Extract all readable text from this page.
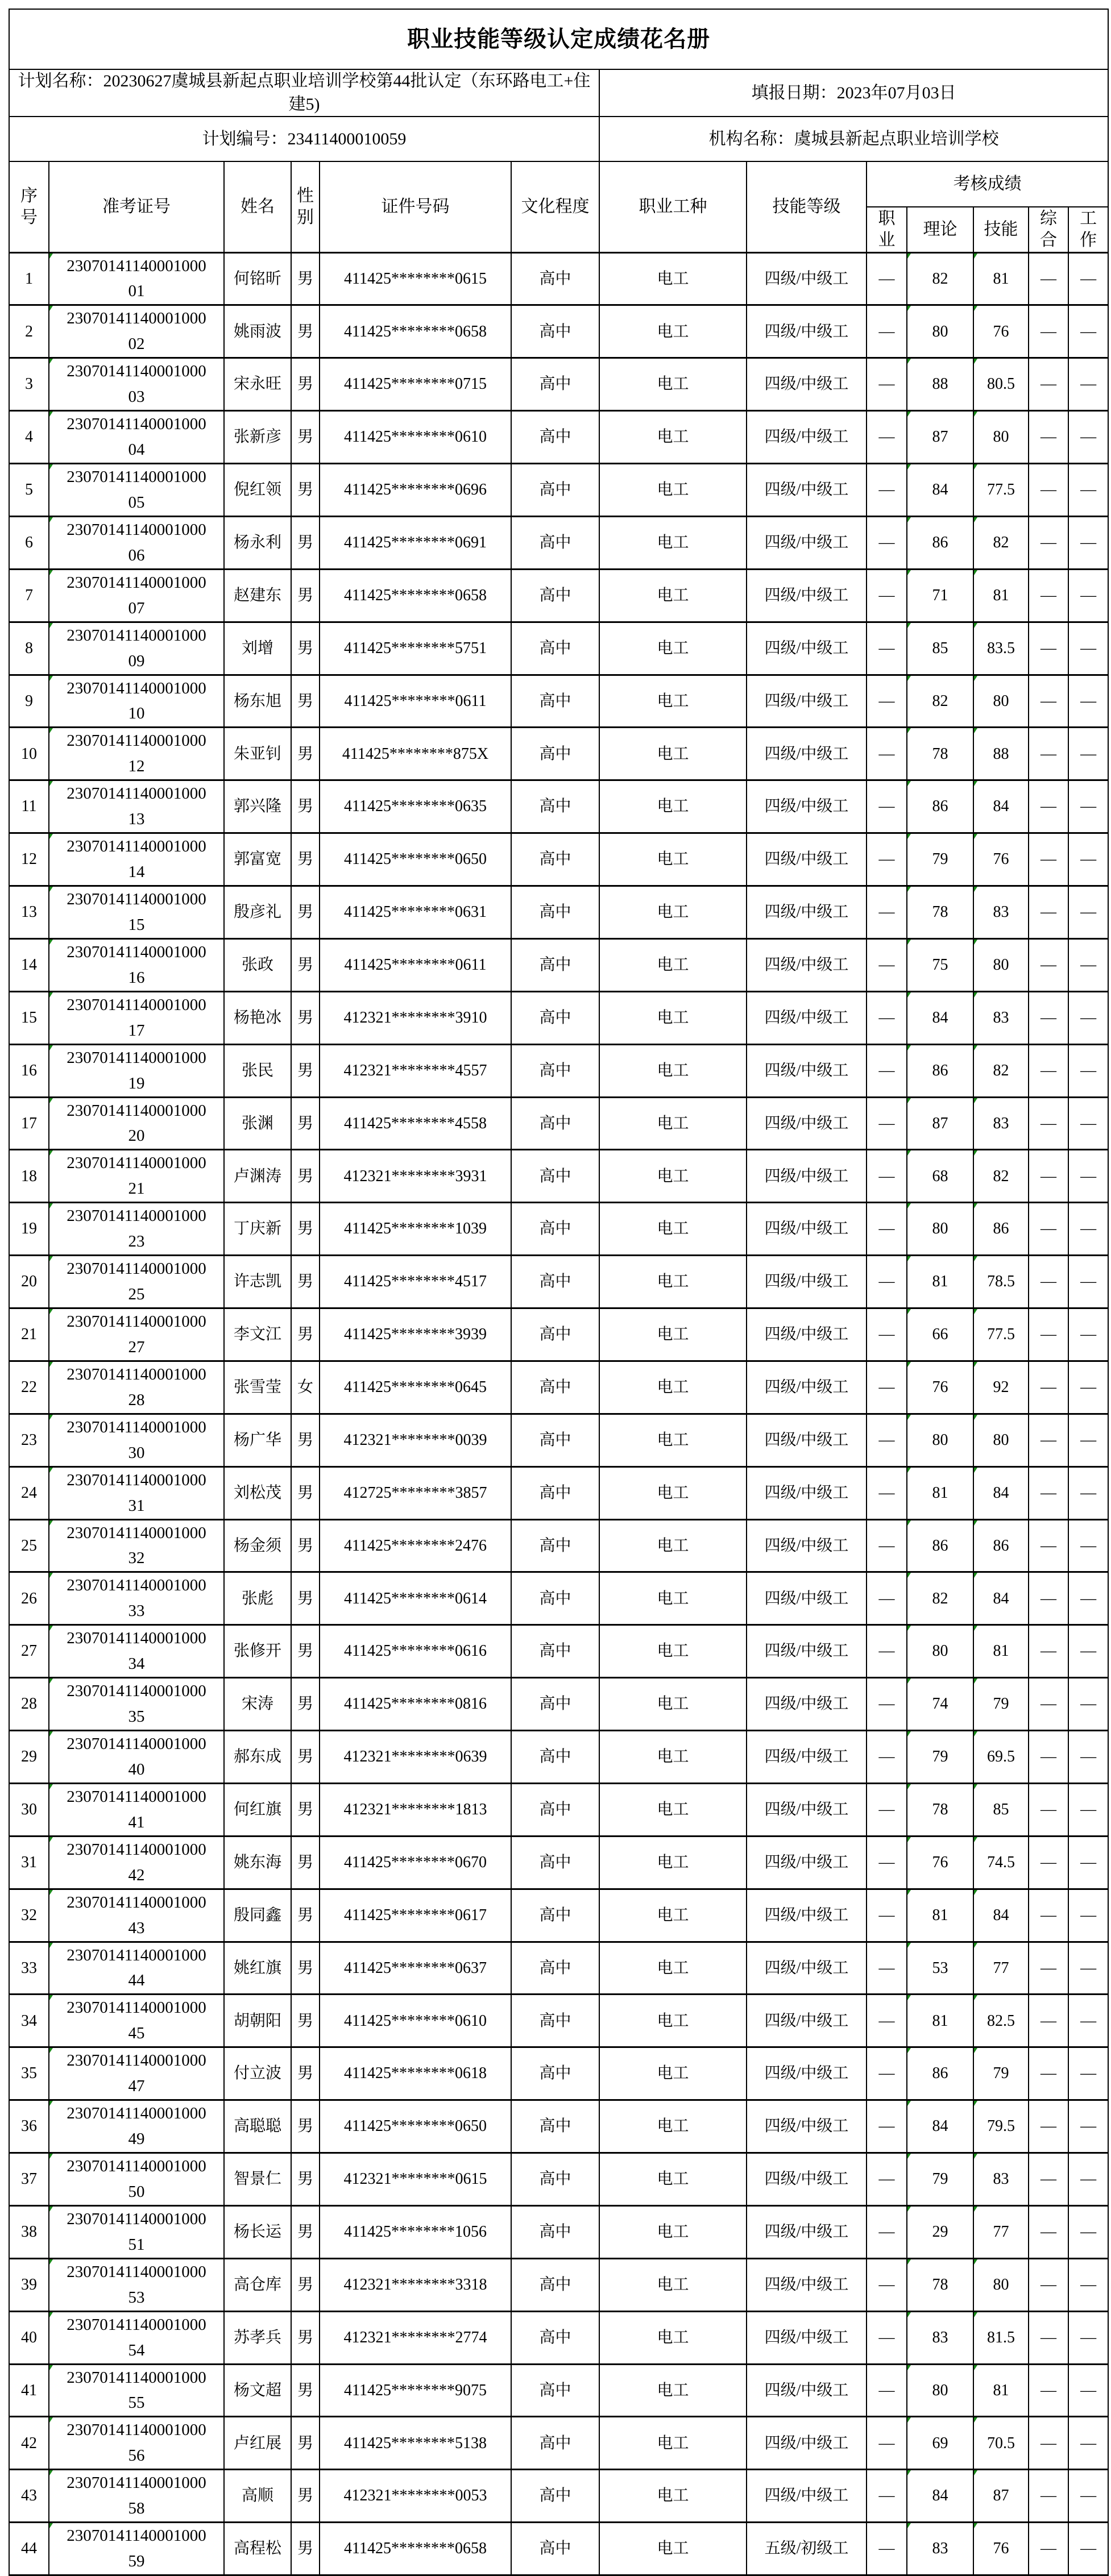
职业技能等级认定成绩花名册												
计划名称：20230627虞城县新起点职业培训学校第44批认定（东环路电工+住建5)						填报日期：2023年07月03日						
计划编号：23411400010059						机构名称：虞城县新起点职业培训学校						
序号	准考证号	姓名	性别	证件号码	文化程度	职业工种	技能等级	考核成绩				
								职业	理论	技能	综合	工作
1	2307014114000100001	何铭昕	男	411425********0615	高中	电工	四级/中级工	—	82	81	—	—
2	2307014114000100002	姚雨波	男	411425********0658	高中	电工	四级/中级工	—	80	76	—	—
3	2307014114000100003	宋永旺	男	411425********0715	高中	电工	四级/中级工	—	88	80.5	—	—
4	2307014114000100004	张新彦	男	411425********0610	高中	电工	四级/中级工	—	87	80	—	—
5	2307014114000100005	倪红领	男	411425********0696	高中	电工	四级/中级工	—	84	77.5	—	—
6	2307014114000100006	杨永利	男	411425********0691	高中	电工	四级/中级工	—	86	82	—	—
7	2307014114000100007	赵建东	男	411425********0658	高中	电工	四级/中级工	—	71	81	—	—
8	2307014114000100009	刘增	男	411425********5751	高中	电工	四级/中级工	—	85	83.5	—	—
9	2307014114000100010	杨东旭	男	411425********0611	高中	电工	四级/中级工	—	82	80	—	—
10	2307014114000100012	朱亚钊	男	411425********875X	高中	电工	四级/中级工	—	78	88	—	—
11	2307014114000100013	郭兴隆	男	411425********0635	高中	电工	四级/中级工	—	86	84	—	—
12	2307014114000100014	郭富宽	男	411425********0650	高中	电工	四级/中级工	—	79	76	—	—
13	2307014114000100015	殷彦礼	男	411425********0631	高中	电工	四级/中级工	—	78	83	—	—
14	2307014114000100016	张政	男	411425********0611	高中	电工	四级/中级工	—	75	80	—	—
15	2307014114000100017	杨艳冰	男	412321********3910	高中	电工	四级/中级工	—	84	83	—	—
16	2307014114000100019	张民	男	412321********4557	高中	电工	四级/中级工	—	86	82	—	—
17	2307014114000100020	张渊	男	411425********4558	高中	电工	四级/中级工	—	87	83	—	—
18	2307014114000100021	卢渊涛	男	412321********3931	高中	电工	四级/中级工	—	68	82	—	—
19	2307014114000100023	丁庆新	男	411425********1039	高中	电工	四级/中级工	—	80	86	—	—
20	2307014114000100025	许志凯	男	411425********4517	高中	电工	四级/中级工	—	81	78.5	—	—
21	2307014114000100027	李文江	男	411425********3939	高中	电工	四级/中级工	—	66	77.5	—	—
22	2307014114000100028	张雪莹	女	411425********0645	高中	电工	四级/中级工	—	76	92	—	—
23	2307014114000100030	杨广华	男	412321********0039	高中	电工	四级/中级工	—	80	80	—	—
24	2307014114000100031	刘松茂	男	412725********3857	高中	电工	四级/中级工	—	81	84	—	—
25	2307014114000100032	杨金须	男	411425********2476	高中	电工	四级/中级工	—	86	86	—	—
26	2307014114000100033	张彪	男	411425********0614	高中	电工	四级/中级工	—	82	84	—	—
27	2307014114000100034	张修开	男	411425********0616	高中	电工	四级/中级工	—	80	81	—	—
28	2307014114000100035	宋涛	男	411425********0816	高中	电工	四级/中级工	—	74	79	—	—
29	2307014114000100040	郝东成	男	412321********0639	高中	电工	四级/中级工	—	79	69.5	—	—
30	2307014114000100041	何红旗	男	412321********1813	高中	电工	四级/中级工	—	78	85	—	—
31	2307014114000100042	姚东海	男	411425********0670	高中	电工	四级/中级工	—	76	74.5	—	—
32	2307014114000100043	殷同鑫	男	411425********0617	高中	电工	四级/中级工	—	81	84	—	—
33	2307014114000100044	姚红旗	男	411425********0637	高中	电工	四级/中级工	—	53	77	—	—
34	2307014114000100045	胡朝阳	男	411425********0610	高中	电工	四级/中级工	—	81	82.5	—	—
35	2307014114000100047	付立波	男	411425********0618	高中	电工	四级/中级工	—	86	79	—	—
36	2307014114000100049	高聪聪	男	411425********0650	高中	电工	四级/中级工	—	84	79.5	—	—
37	2307014114000100050	智景仁	男	412321********0615	高中	电工	四级/中级工	—	79	83	—	—
38	2307014114000100051	杨长运	男	411425********1056	高中	电工	四级/中级工	—	29	77	—	—
39	2307014114000100053	高仓库	男	412321********3318	高中	电工	四级/中级工	—	78	80	—	—
40	2307014114000100054	苏孝兵	男	412321********2774	高中	电工	四级/中级工	—	83	81.5	—	—
41	2307014114000100055	杨文超	男	411425********9075	高中	电工	四级/中级工	—	80	81	—	—
42	2307014114000100056	卢红展	男	411425********5138	高中	电工	四级/中级工	—	69	70.5	—	—
43	2307014114000100058	高顺	男	412321********0053	高中	电工	四级/中级工	—	84	87	—	—
44	2307014114000100059	高程松	男	411425********0658	高中	电工	五级/初级工	—	83	76	—	—
